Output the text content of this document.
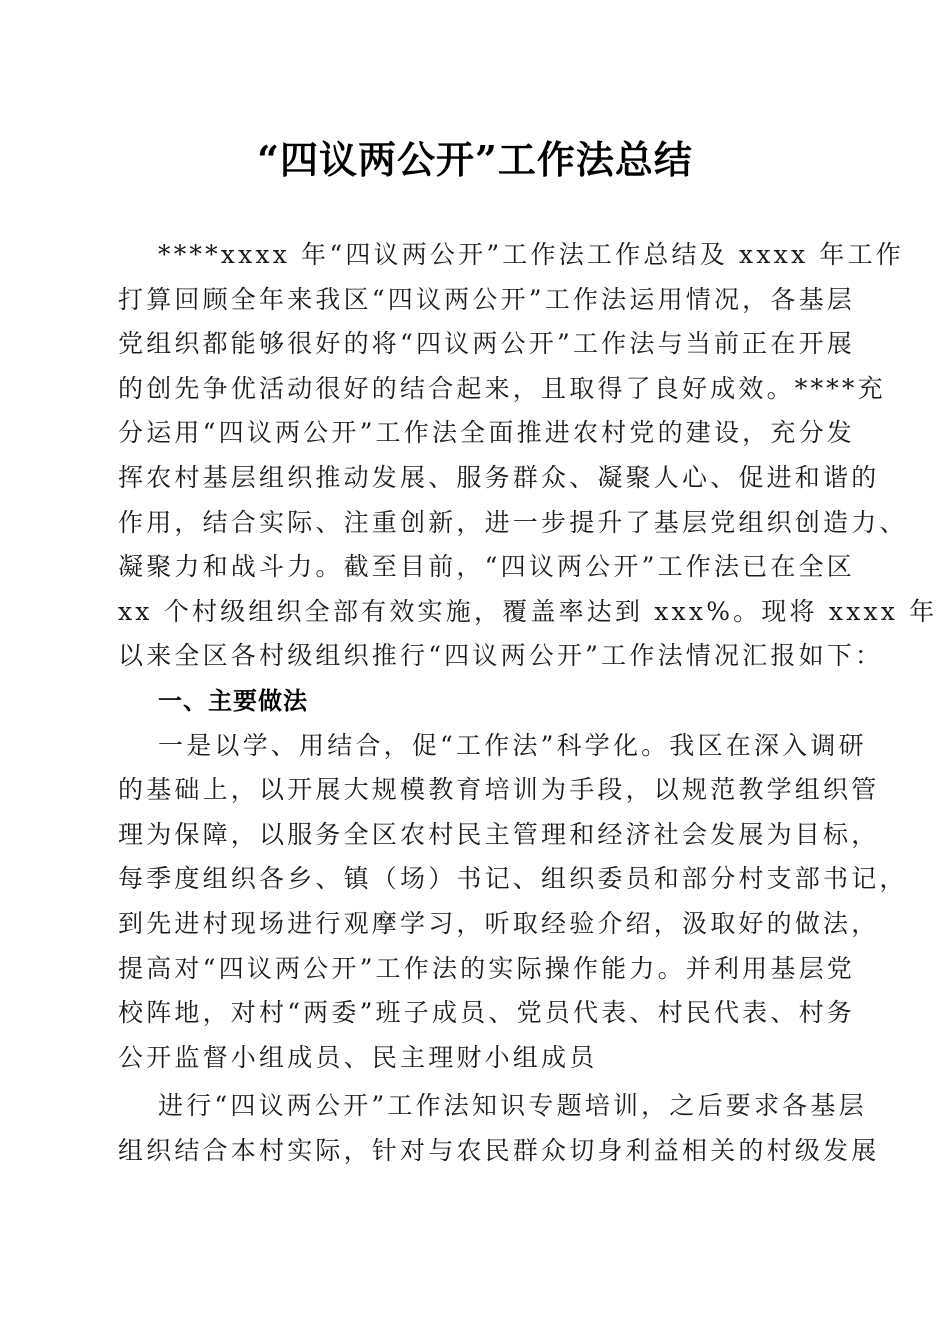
“四议两公开”工作法总结
****xxxx 年“四议两公开”工作法工作总结及 xxxx 年工作
打算回顾全年来我区“四议两公开”工作法运用情况，各基层
党组织都能够很好的将“四议两公开”工作法与当前正在开展
的创先争优活动很好的结合起来，且取得了良好成效。****充
分运用“四议两公开”工作法全面推进农村党的建设，充分发
挥农村基层组织推动发展、服务群众、凝聚人心、促进和谐的
作用，结合实际、注重创新，进一步提升了基层党组织创造力、
凝聚力和战斗力。截至目前，“四议两公开”工作法已在全区
xx 个村级组织全部有效实施，覆盖率达到 xxx%。现将 xxxx 年
以来全区各村级组织推行“四议两公开”工作法情况汇报如下：
一、主要做法
一是以学、用结合，促“工作法”科学化。我区在深入调研
的基础上，以开展大规模教育培训为手段，以规范教学组织管
理为保障，以服务全区农村民主管理和经济社会发展为目标，
每季度组织各乡、镇（场）书记、组织委员和部分村支部书记，
到先进村现场进行观摩学习，听取经验介绍，汲取好的做法，
提高对“四议两公开”工作法的实际操作能力。并利用基层党
校阵地，对村“两委”班子成员、党员代表、村民代表、村务
公开监督小组成员、民主理财小组成员
进行“四议两公开”工作法知识专题培训，之后要求各基层
组织结合本村实际，针对与农民群众切身利益相关的村级发展
